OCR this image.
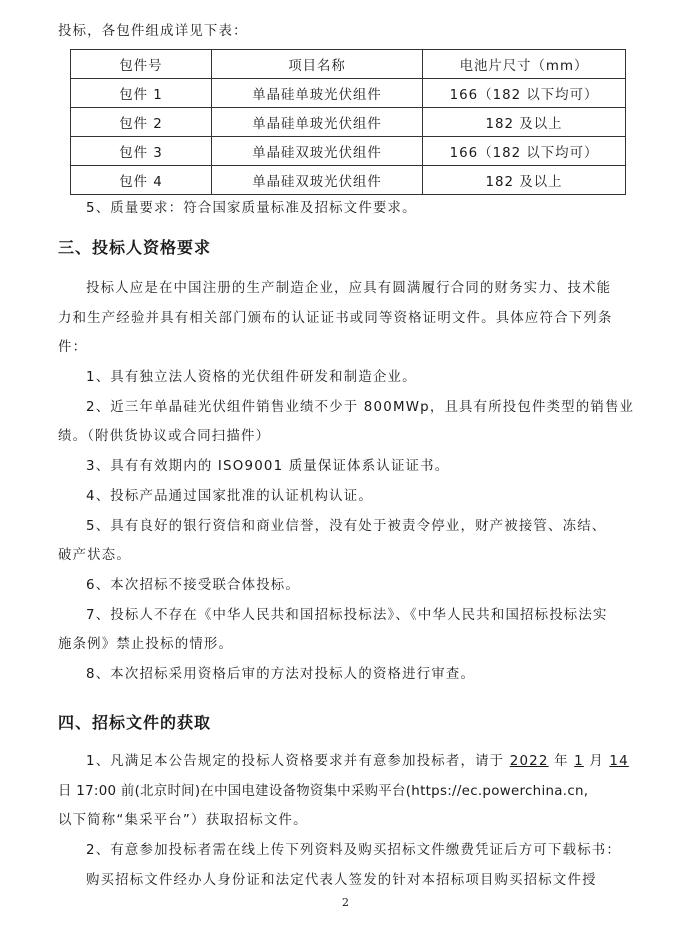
投标，各包件组成详见下表：
包件号	项目名称	电池片尺寸（mm）
包件 1	单晶硅单玻光伏组件	166（182 以下均可）
包件 2	单晶硅单玻光伏组件	182 及以上
包件 3	单晶硅双玻光伏组件	166（182 以下均可）
包件 4	单晶硅双玻光伏组件	182 及以上
5、质量要求：符合国家质量标准及招标文件要求。
三、投标人资格要求
投标人应是在中国注册的生产制造企业，应具有圆满履行合同的财务实力、技术能
力和生产经验并具有相关部门颁布的认证证书或同等资格证明文件。具体应符合下列条
件：
1、具有独立法人资格的光伏组件研发和制造企业。
2、近三年单晶硅光伏组件销售业绩不少于 800MWp，且具有所投包件类型的销售业
绩。（附供货协议或合同扫描件）
3、具有有效期内的 ISO9001 质量保证体系认证证书。
4、投标产品通过国家批准的认证机构认证。
5、具有良好的银行资信和商业信誉，没有处于被责令停业，财产被接管、冻结、
破产状态。
6、本次招标不接受联合体投标。
7、投标人不存在《中华人民共和国招标投标法》、《中华人民共和国招标投标法实
施条例》禁止投标的情形。
8、本次招标采用资格后审的方法对投标人的资格进行审查。
四、招标文件的获取
1、凡满足本公告规定的投标人资格要求并有意参加投标者，请于 2022 年 1 月 14
日 17:00 前(北京时间)在中国电建设备物资集中采购平台(https://ec.powerchina.cn,
以下简称“集采平台”）获取招标文件。
2、有意参加投标者需在线上传下列资料及购买招标文件缴费凭证后方可下载标书：
购买招标文件经办人身份证和法定代表人签发的针对本招标项目购买招标文件授
2
